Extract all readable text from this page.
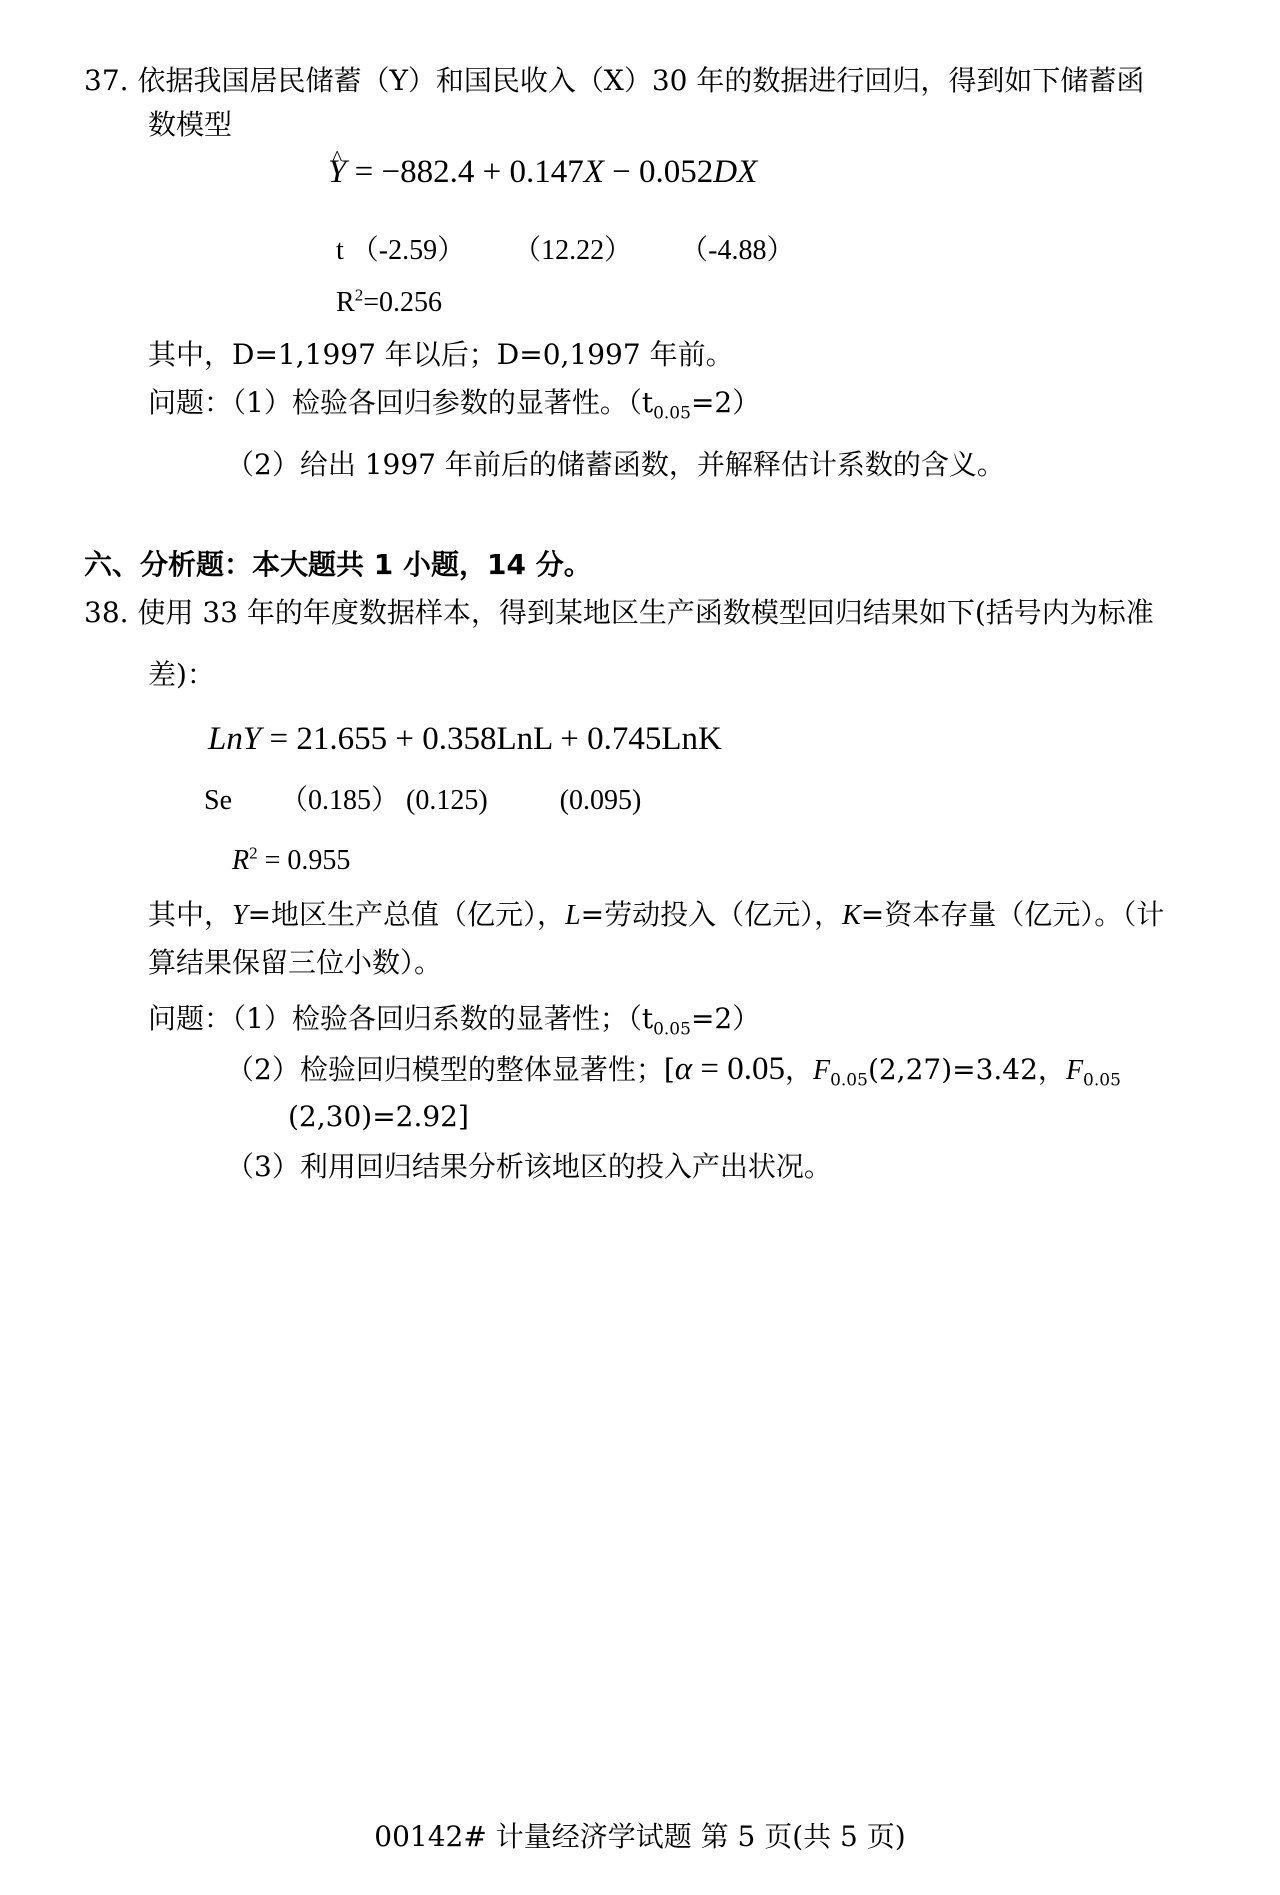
37. 依据我国居民储蓄（Y）和国民收入（X）30 年的数据进行回归，得到如下储蓄函
数模型
^ Y = −882.4 + 0.147X − 0.052DX
t （-2.59） （12.22） （-4.88）
$R^2=0.256$
其中，D=1,1997 年以后；D=0,1997 年前。
问题：（1）检验各回归参数的显著性。$(t_{0.05}=2)$
（2）给出 1997 年前后的储蓄函数，并解释估计系数的含义。
六、分析题：本大题共 1 小题，14 分。
38. 使用 33 年的年度数据样本，得到某地区生产函数模型回归结果如下(括号内为标准
差)：
LnY = 21.655 + 0.358LnL + 0.745LnK
Se （0.185） (0.125)	(0.095)
$R^2 = 0.955$
其中，Y=地区生产总值（亿元），L=劳动投入（亿元），K=资本存量（亿元）。（计
算结果保留三位小数）。
问题：（1）检验各回归系数的显著性；$(t_{0.05}=2)$
（2）检验回归模型的整体显著性；[α = 0.05，$F_{0.05}(2,27)=3.42$，$F_{0.05}$
(2,30)=2.92]
（3）利用回归结果分析该地区的投入产出状况。
00142# 计量经济学试题 第 5 页(共 5 页)
